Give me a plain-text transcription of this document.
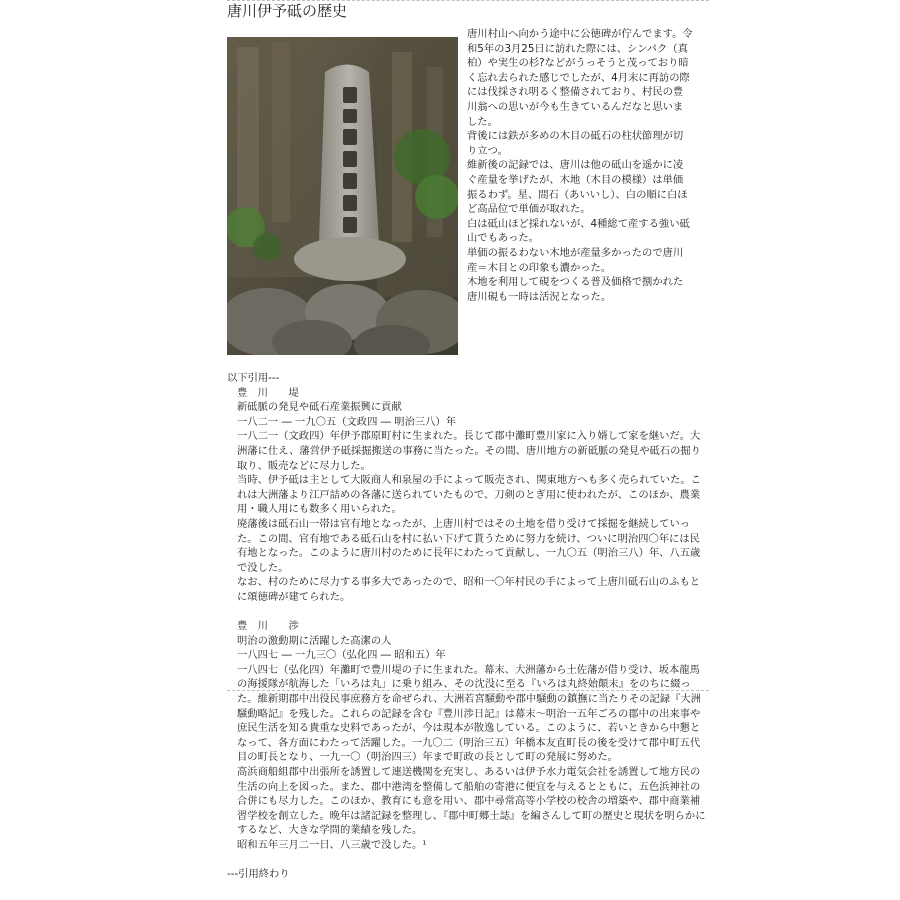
唐川伊予砥の歴史

唐川村山へ向かう途中に公徳碑が佇んでます。令和5年の3月25日に訪れた際には、シンパク（真柏）や実生の杉?などがうっそうと茂っており暗く忘れ去られた感じでしたが、4月末に再訪の際には伐採され明るく整備されており、村民の豊川翁への思いが今も生きているんだなと思いました。

背後には鉄が多めの木目の砥石の柱状節理が切り立つ。

維新後の記録では、唐川は他の砥山を遥かに凌ぐ産量を挙げたが、木地（木目の模様）は単価振るわず。星、間石（あいいし）、白の順に白ほど高品位で単価が取れた。

白は砥山ほど採れないが、4種総て産する強い砥山でもあった。

単価の振るわない木地が産量多かったので唐川産＝木目との印象も濃かった。

木地を利用して硯をつくる普及価格で捌かれた唐川硯も一時は活況となった。

以下引用---

豊　川　　堤

新砥脈の発見や砥石産業振興に貢献

一八二一 ― 一九〇五（文政四 ― 明治三八）年

一八二一（文政四）年伊予郡原町村に生まれた。長じて郡中灘町豊川家に入り婿して家を継いだ。大洲藩に仕え、藩営伊予砥採掘搬送の事務に当たった。その間、唐川地方の新砥脈の発見や砥石の掘り取り、販売などに尽力した。

当時、伊予砥は主として大阪商人和泉屋の手によって販売され、関東地方へも多く売られていた。これは大洲藩より江戸詰めの各藩に送られていたもので、刀剣のとぎ用に使われたが、このほか、農業用・職人用にも数多く用いられた。

廃藩後は砥石山一帯は官有地となったが、上唐川村ではその土地を借り受けて採掘を継続していった。この間、官有地である砥石山を村に払い下げて貰うために努力を続け、ついに明治四〇年には民有地となった。このように唐川村のために長年にわたって貢献し、一九〇五（明治三八）年、八五歳で没した。

なお、村のために尽力する事多大であったので、昭和一〇年村民の手によって上唐川砥石山のふもとに頌徳碑が建てられた。

豊　川　　渉

明治の激動期に活躍した高潔の人

一八四七 ― 一九三〇（弘化四 ― 昭和五）年

一八四七（弘化四）年灘町で豊川堤の子に生まれた。幕末、大洲藩から土佐藩が借り受け、坂本龍馬の海援隊が航海した「いろは丸」に乗り組み、その沈没に至る『いろは丸終始顛末』をのちに綴った。維新期郡中出役民事庶務方を命ぜられ、大洲若宮騒動や郡中騒動の鎮撫に当たりその記録『大洲騒動略記』を残した。これらの記録を含む『豊川渉日記』は幕末～明治一五年ごろの郡中の出来事や庶民生活を知る貴重な史料であったが、今は現本が散逸している。このように、若いときから中懇となって、各方面にわたって活躍した。一九〇二（明治三五）年橋本友直町長の後を受けて郡中町五代目の町長となり、一九一〇（明治四三）年まで町政の長として町の発展に努めた。

高浜商船組郡中出張所を誘置して連送機関を充実し、あるいは伊予水力電気会社を誘置して地方民の生活の向上を図った。また、郡中港湾を整備して船舶の寄港に便宜を与えるとともに、五色浜神社の合併にも尽力した。このほか、教育にも意を用い、郡中尋常高等小学校の校舎の増築や、郡中商業補習学校を創立した。晩年は諸記録を整理し、『郡中町郷土誌』を編さんして町の歴史と現状を明らかにするなど、大きな学問的業績を残した。

昭和五年三月二一日、八三歳で没した。¹

---引用終わり
